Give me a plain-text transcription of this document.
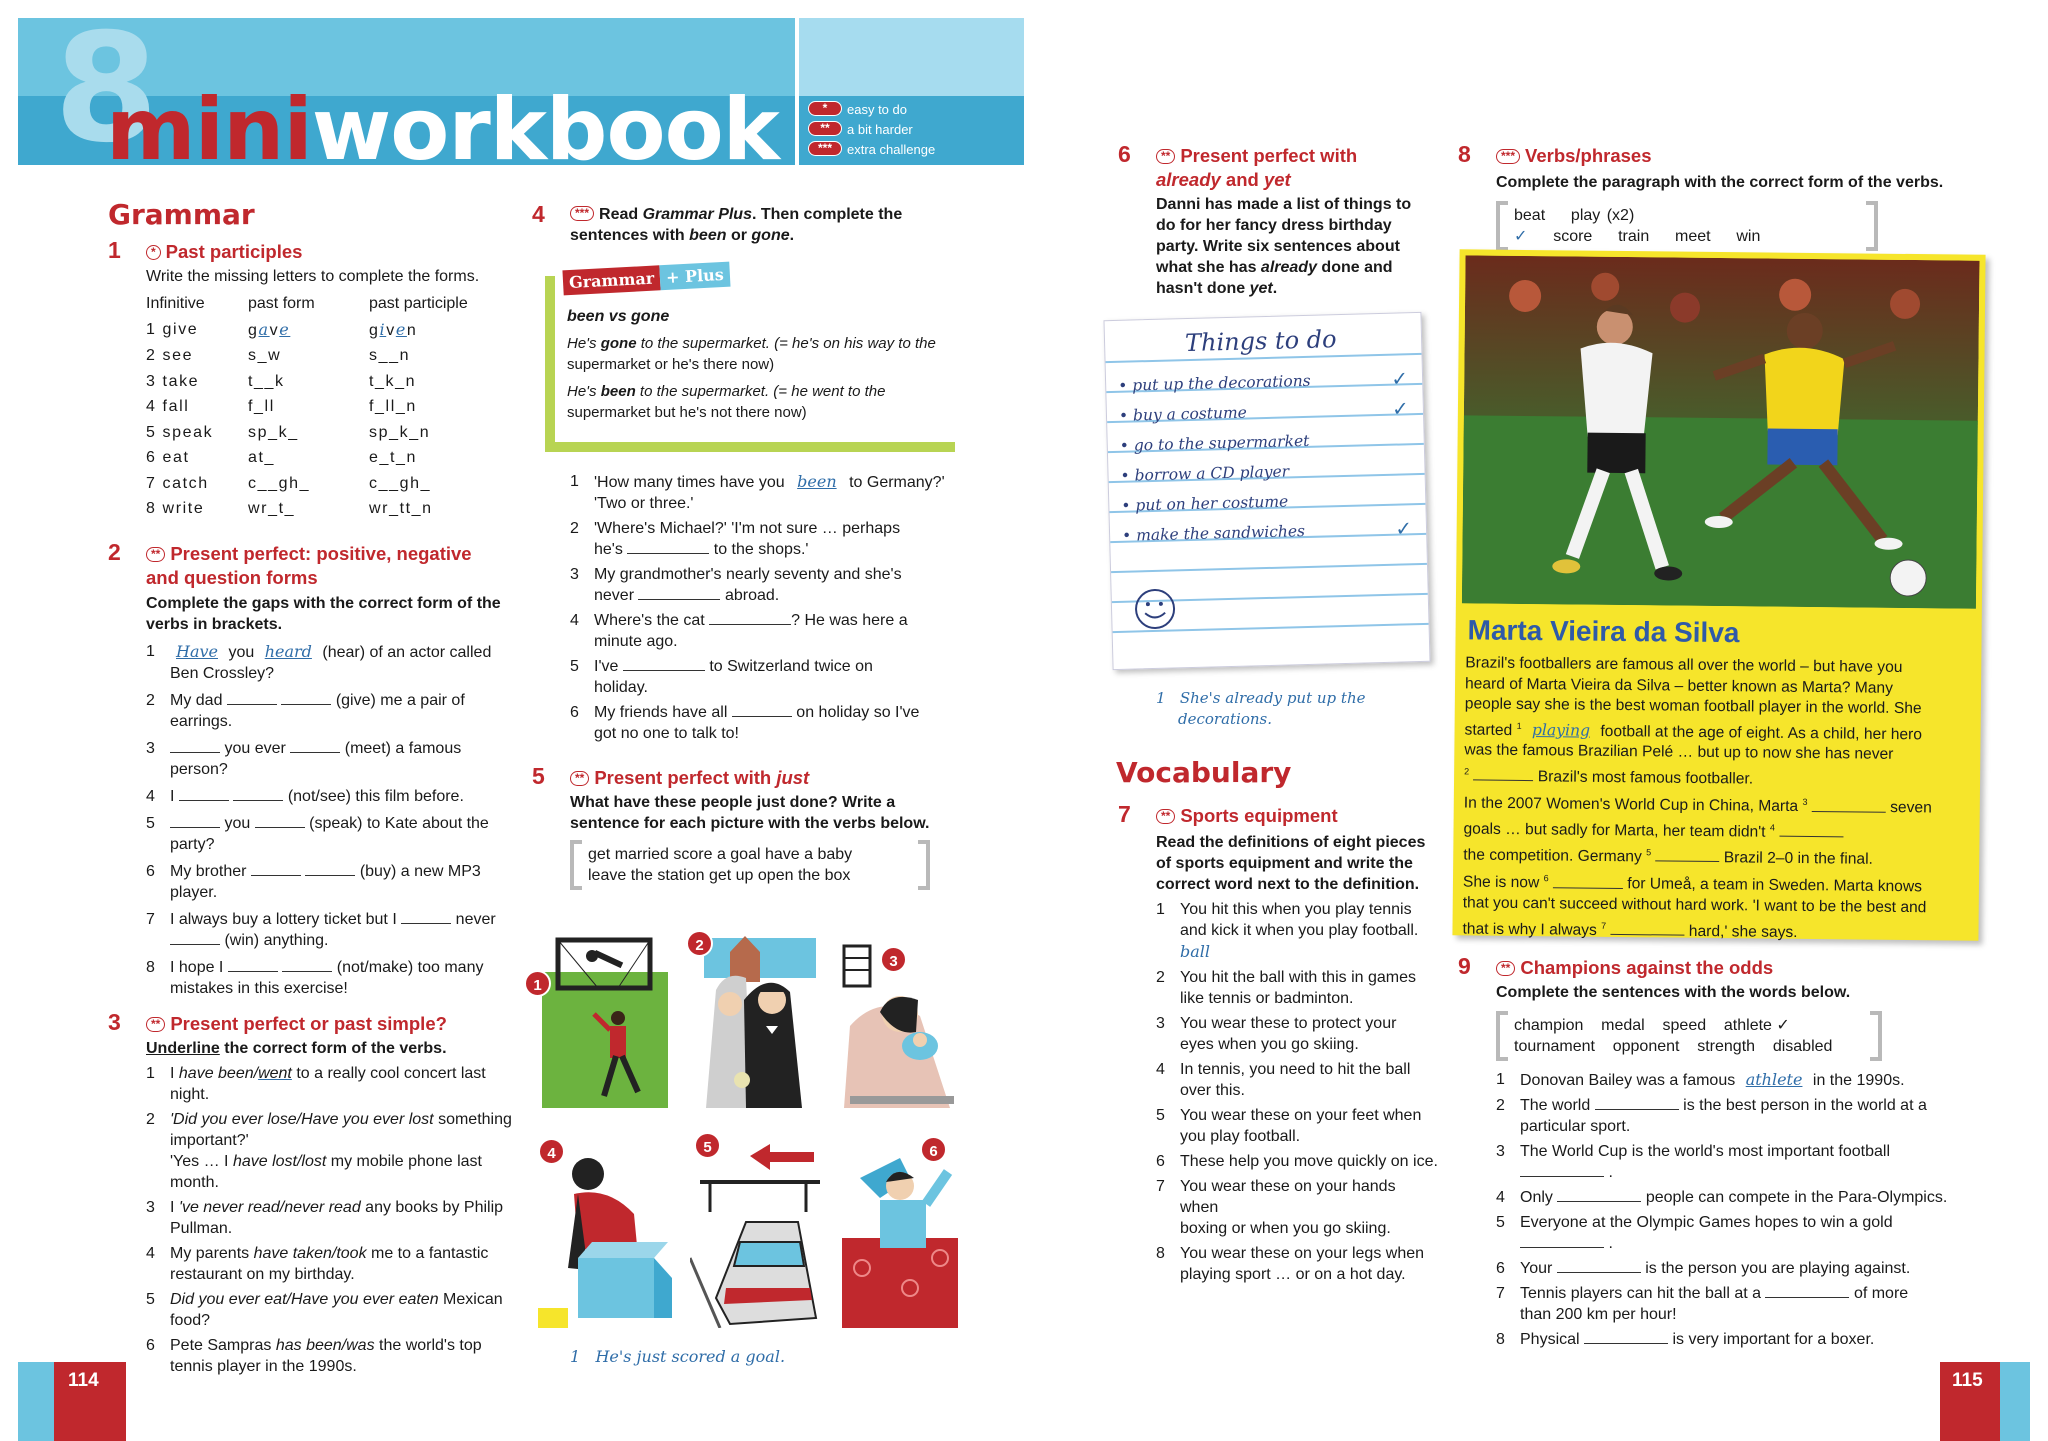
8
miniworkbook	* easy to do
** a bit harder
*** extra challenge
Grammar
1	* Past participles
Write the missing letters to complete the forms.
Infinitive	past form	past participle
1 give	gave	given
2 see	s_w	s__n
3 take	t__k	t_k_n
4 fall	f_ll	f_ll_n
5 speak	sp_k_	sp_k_n
6 eat	at_	e_t_n
7 catch	c__gh_	c__gh_
8 write	wr_t_	wr_tt_n
2	** Present perfect: positive, negative
and question forms
Complete the gaps with the correct form of the verbs in brackets.
1 Have you heard (hear) of an actor called
Ben Crossley?
2 My dad	(give) me a pair of
earrings.
3	you ever	(meet) a famous
person?
4 I	(not/see) this film before.
5	you	(speak) to Kate about the
party?
6 My brother	(buy) a new MP3
player.
7 I always buy a lottery ticket but I	never
(win) anything.
8 I hope I	(not/make) too many
mistakes in this exercise!
3	** Present perfect or past simple?
Underline the correct form of the verbs.
1 I have been/went to a really cool concert last
night.
2 'Did you ever lose/Have you ever lost something
important?'
'Yes … I have lost/lost my mobile phone last
month.
3 I 've never read/never read any books by Philip
Pullman.
4 My parents have taken/took me to a fantastic
restaurant on my birthday.
5 Did you ever eat/Have you ever eaten Mexican food?
6 Pete Sampras has been/was the world's top
tennis player in the 1990s.
114
4	*** Read Grammar Plus. Then complete the
sentences with been or gone.
Grammar + Plus
been vs gone
He's gone to the supermarket. (= he's on his way to the
supermarket or he's there now)
He's been to the supermarket. (= he went to the
supermarket but he's not there now)
1 'How many times have you been to Germany?'
'Two or three.'
2 'Where's Michael?' 'I'm not sure … perhaps
he's	to the shops.'
3 My grandmother's nearly seventy and she's
never	abroad.
4 Where's the cat	? He was here a
minute ago.
5 I've	to Switzerland twice on
holiday.
6 My friends have all	on holiday so I've
got no one to talk to!
5	** Present perfect with just
What have these people just done? Write a
sentence for each picture with the verbs below.
get married score a goal have a baby
leave the station get up open the box
1
2
3
4	5	6
1   He's just scored a goal.
6	** Present perfect with
already and yet
Danni has made a list of things to
do for her fancy dress birthday
party. Write six sentences about
what she has already done and
hasn't done yet.
Things to do
• put up the decorations	✓
• buy a costume	✓
• go to the supermarket
• borrow a CD player
• put on her costume
• make the sandwiches	✓
1   She's already put up the
decorations.
Vocabulary
7	** Sports equipment
Read the definitions of eight pieces
of sports equipment and write the
correct word next to the definition.
1 You hit this when you play tennis
and kick it when you play football.
ball
2 You hit the ball with this in games
like tennis or badminton.
3 You wear these to protect your
eyes when you go skiing.
4 In tennis, you need to hit the ball
over this.
5 You wear these on your feet when
you play football.
6 These help you move quickly on ice.
7 You wear these on your hands when
boxing or when you go skiing.
8 You wear these on your legs when
playing sport … or on a hot day.
8	*** Verbs/phrases
Complete the paragraph with the correct form of the verbs.
beat play (x2) ✓ score train meet win
Marta Vieira da Silva
Brazil's footballers are famous all over the world – but have you
heard of Marta Vieira da Silva – better known as Marta? Many
people say she is the best woman football player in the world. She
started $^1$ playing football at the age of eight. As a child, her hero
was the famous Brazilian Pelé … but up to now she has never
$^2$	Brazil's most famous footballer.
In the 2007 Women's World Cup in China, Marta $^3$	seven
goals … but sadly for Marta, her team didn't $^4$
the competition. Germany $^5$	Brazil 2–0 in the final.
She is now $^6$	for Umeå, a team in Sweden. Marta knows
that you can't succeed without hard work. 'I want to be the best and
that is why I always $^7$	hard,' she says.
9	** Champions against the odds
Complete the sentences with the words below.
champion    medal    speed    athlete ✓
tournament    opponent    strength    disabled
1 Donovan Bailey was a famous athlete in the 1990s.
2 The world	is the best person in the world at a
particular sport.
3 The World Cup is the world's most important football
.
4 Only	people can compete in the Para-Olympics.
5 Everyone at the Olympic Games hopes to win a gold
.
6 Your	is the person you are playing against.
7 Tennis players can hit the ball at a	of more
than 200 km per hour!
8 Physical	is very important for a boxer.
115
